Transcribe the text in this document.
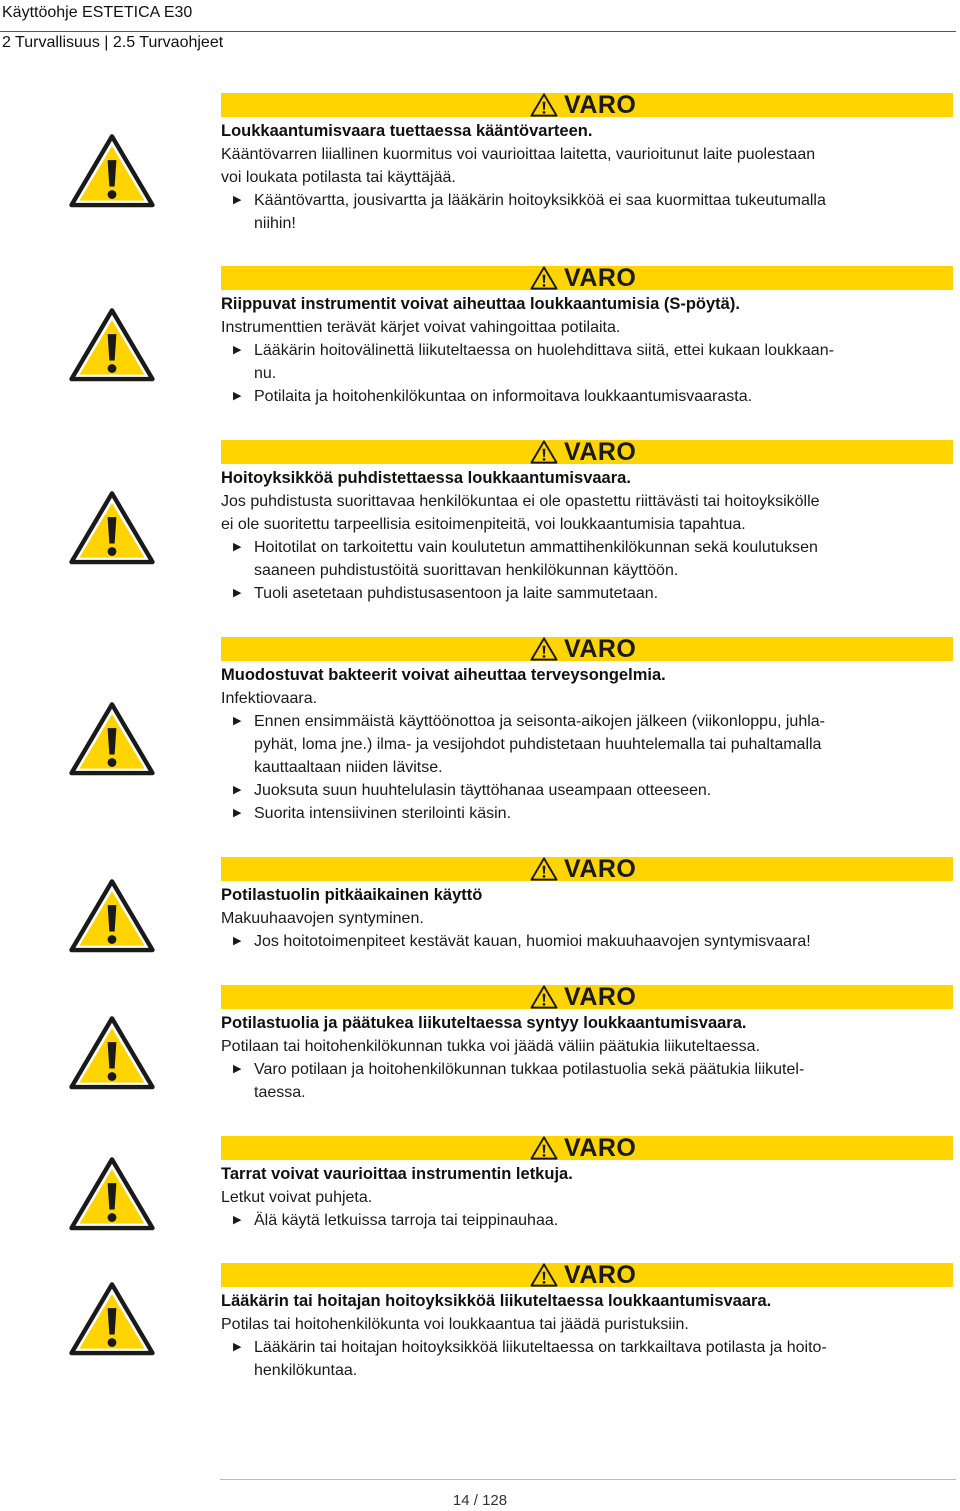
Käyttöohje ESTETICA E30
2 Turvallisuus | 2.5 Turvaohjeet
VARO
Loukkaantumisvaara tuettaessa kääntövarteen.
Kääntövarren liiallinen kuormitus voi vaurioittaa laitetta, vaurioitunut laite puolestaan
voi loukata potilasta tai käyttäjää.
▶ Kääntövartta, jousivartta ja lääkärin hoitoyksikköä ei saa kuormittaa tukeutumalla
niihin!
VARO
Riippuvat instrumentit voivat aiheuttaa loukkaantumisia (S-pöytä).
Instrumenttien terävät kärjet voivat vahingoittaa potilaita.
▶ Lääkärin hoitovälinettä liikuteltaessa on huolehdittava siitä, ettei kukaan loukkaan-
nu.
▶ Potilaita ja hoitohenkilökuntaa on informoitava loukkaantumisvaarasta.
VARO
Hoitoyksikköä puhdistettaessa loukkaantumisvaara.
Jos puhdistusta suorittavaa henkilökuntaa ei ole opastettu riittävästi tai hoitoyksikölle
ei ole suoritettu tarpeellisia esitoimenpiteitä, voi loukkaantumisia tapahtua.
▶ Hoitotilat on tarkoitettu vain koulutetun ammattihenkilökunnan sekä koulutuksen
saaneen puhdistustöitä suorittavan henkilökunnan käyttöön.
▶ Tuoli asetetaan puhdistusasentoon ja laite sammutetaan.
VARO
Muodostuvat bakteerit voivat aiheuttaa terveysongelmia.
Infektiovaara.
▶ Ennen ensimmäistä käyttöönottoa ja seisonta-aikojen jälkeen (viikonloppu, juhla-
pyhät, loma jne.) ilma- ja vesijohdot puhdistetaan huuhtelemalla tai puhaltamalla
kauttaaltaan niiden lävitse.
▶ Juoksuta suun huuhtelulasin täyttöhanaa useampaan otteeseen.
▶ Suorita intensiivinen sterilointi käsin.
VARO
Potilastuolin pitkäaikainen käyttö
Makuuhaavojen syntyminen.
▶ Jos hoitotoimenpiteet kestävät kauan, huomioi makuuhaavojen syntymisvaara!
VARO
Potilastuolia ja päätukea liikuteltaessa syntyy loukkaantumisvaara.
Potilaan tai hoitohenkilökunnan tukka voi jäädä väliin päätukia liikuteltaessa.
▶ Varo potilaan ja hoitohenkilökunnan tukkaa potilastuolia sekä päätukia liikutel-
taessa.
VARO
Tarrat voivat vaurioittaa instrumentin letkuja.
Letkut voivat puhjeta.
▶ Älä käytä letkuissa tarroja tai teippinauhaa.
VARO
Lääkärin tai hoitajan hoitoyksikköä liikuteltaessa loukkaantumisvaara.
Potilas tai hoitohenkilökunta voi loukkaantua tai jäädä puristuksiin.
▶ Lääkärin tai hoitajan hoitoyksikköä liikuteltaessa on tarkkailtava potilasta ja hoito-
henkilökuntaa.
14 / 128
